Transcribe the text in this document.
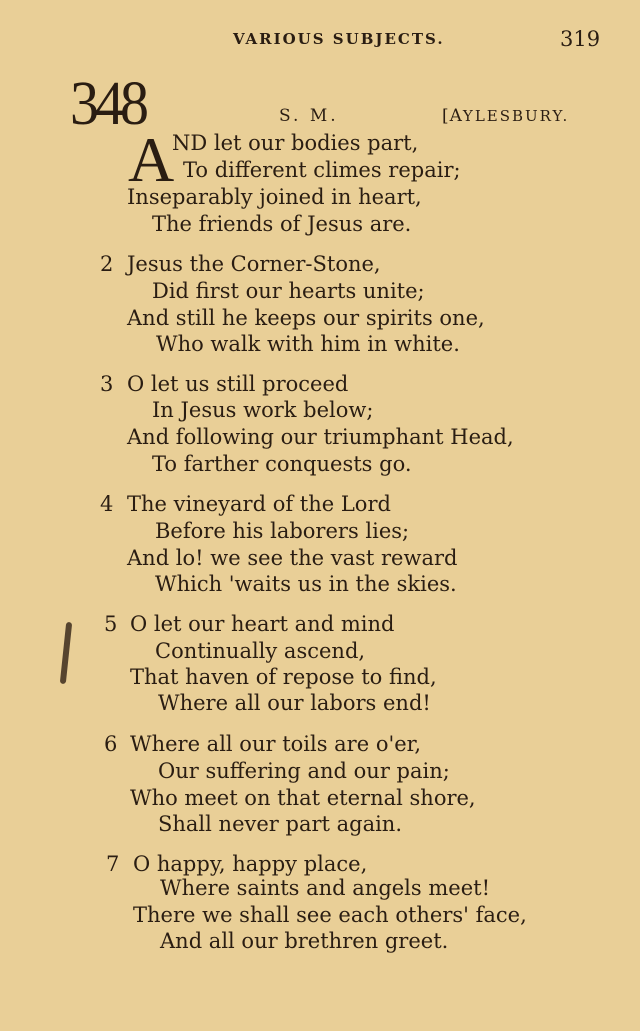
VARIOUS SUBJECTS.	319
348	S. M.	[AYLESBURY.
A
ND let our bodies part,
To different climes repair;
Inseparably joined in heart,
The friends of Jesus are.
2 Jesus the Corner-Stone,
Did first our hearts unite;
And still he keeps our spirits one,
Who walk with him in white.
3 O let us still proceed
In Jesus work below;
And following our triumphant Head,
To farther conquests go.
4 The vineyard of the Lord
Before his laborers lies;
And lo! we see the vast reward
Which 'waits us in the skies.
5 O let our heart and mind
Continually ascend,
That haven of repose to find,
Where all our labors end!
6 Where all our toils are o'er,
Our suffering and our pain;
Who meet on that eternal shore,
Shall never part again.
7 O happy, happy place,
Where saints and angels meet!
There we shall see each others' face,
And all our brethren greet.
